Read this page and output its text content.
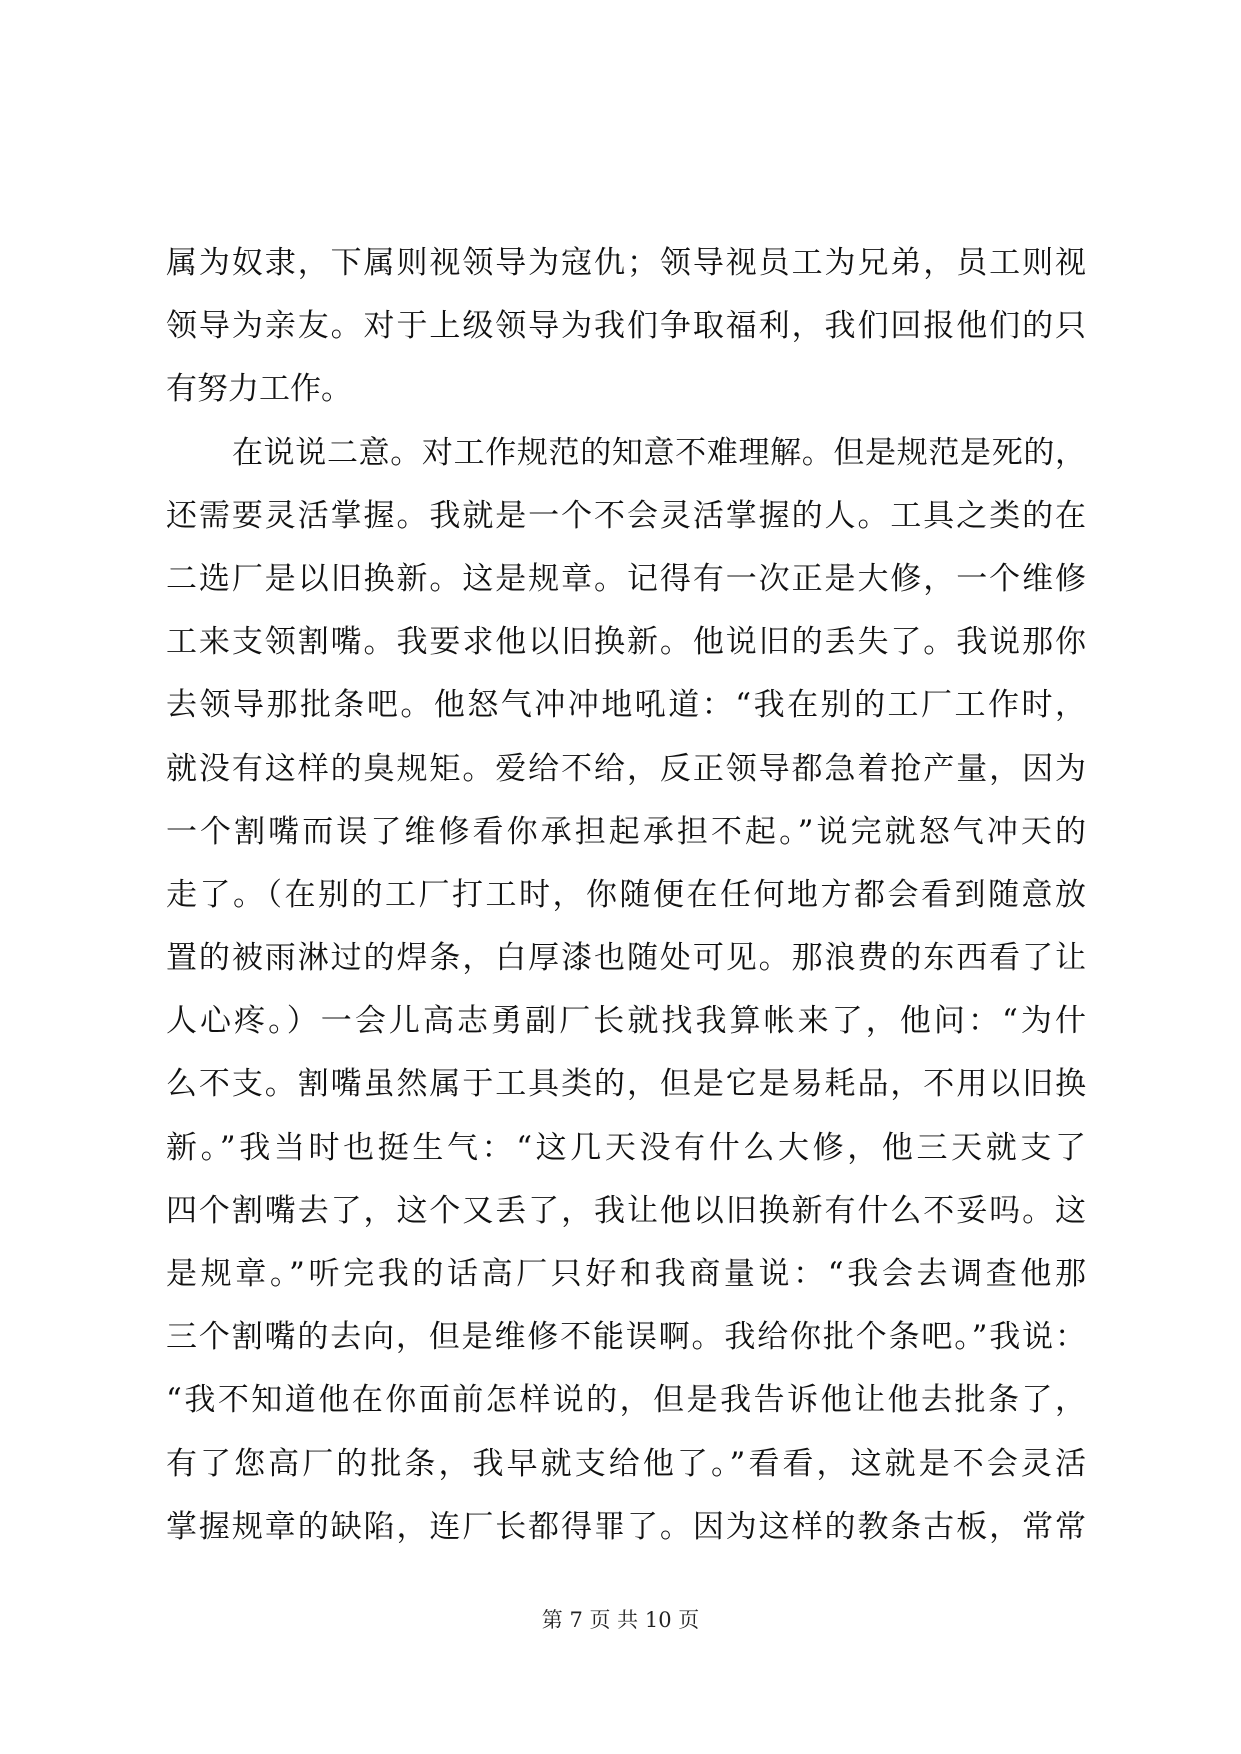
属为奴隶，下属则视领导为寇仇；领导视员工为兄弟，员工则视
领导为亲友。对于上级领导为我们争取福利，我们回报他们的只
有努力工作。
在说说二意。对工作规范的知意不难理解。但是规范是死的，
还需要灵活掌握。我就是一个不会灵活掌握的人。工具之类的在
二选厂是以旧换新。这是规章。记得有一次正是大修，一个维修
工来支领割嘴。我要求他以旧换新。他说旧的丢失了。我说那你
去领导那批条吧。他怒气冲冲地吼道：“我在别的工厂工作时，
就没有这样的臭规矩。爱给不给，反正领导都急着抢产量，因为
一个割嘴而误了维修看你承担起承担不起。”说完就怒气冲天的
走了。（在别的工厂打工时，你随便在任何地方都会看到随意放
置的被雨淋过的焊条，白厚漆也随处可见。那浪费的东西看了让
人心疼。）一会儿高志勇副厂长就找我算帐来了，他问：“为什
么不支。割嘴虽然属于工具类的，但是它是易耗品，不用以旧换
新。”我当时也挺生气：“这几天没有什么大修，他三天就支了
四个割嘴去了，这个又丢了，我让他以旧换新有什么不妥吗。这
是规章。”听完我的话高厂只好和我商量说：“我会去调查他那
三个割嘴的去向，但是维修不能误啊。我给你批个条吧。”我说：
“我不知道他在你面前怎样说的，但是我告诉他让他去批条了，
有了您高厂的批条，我早就支给他了。”看看，这就是不会灵活
掌握规章的缺陷，连厂长都得罪了。因为这样的教条古板，常常
第 7 页 共 10 页
